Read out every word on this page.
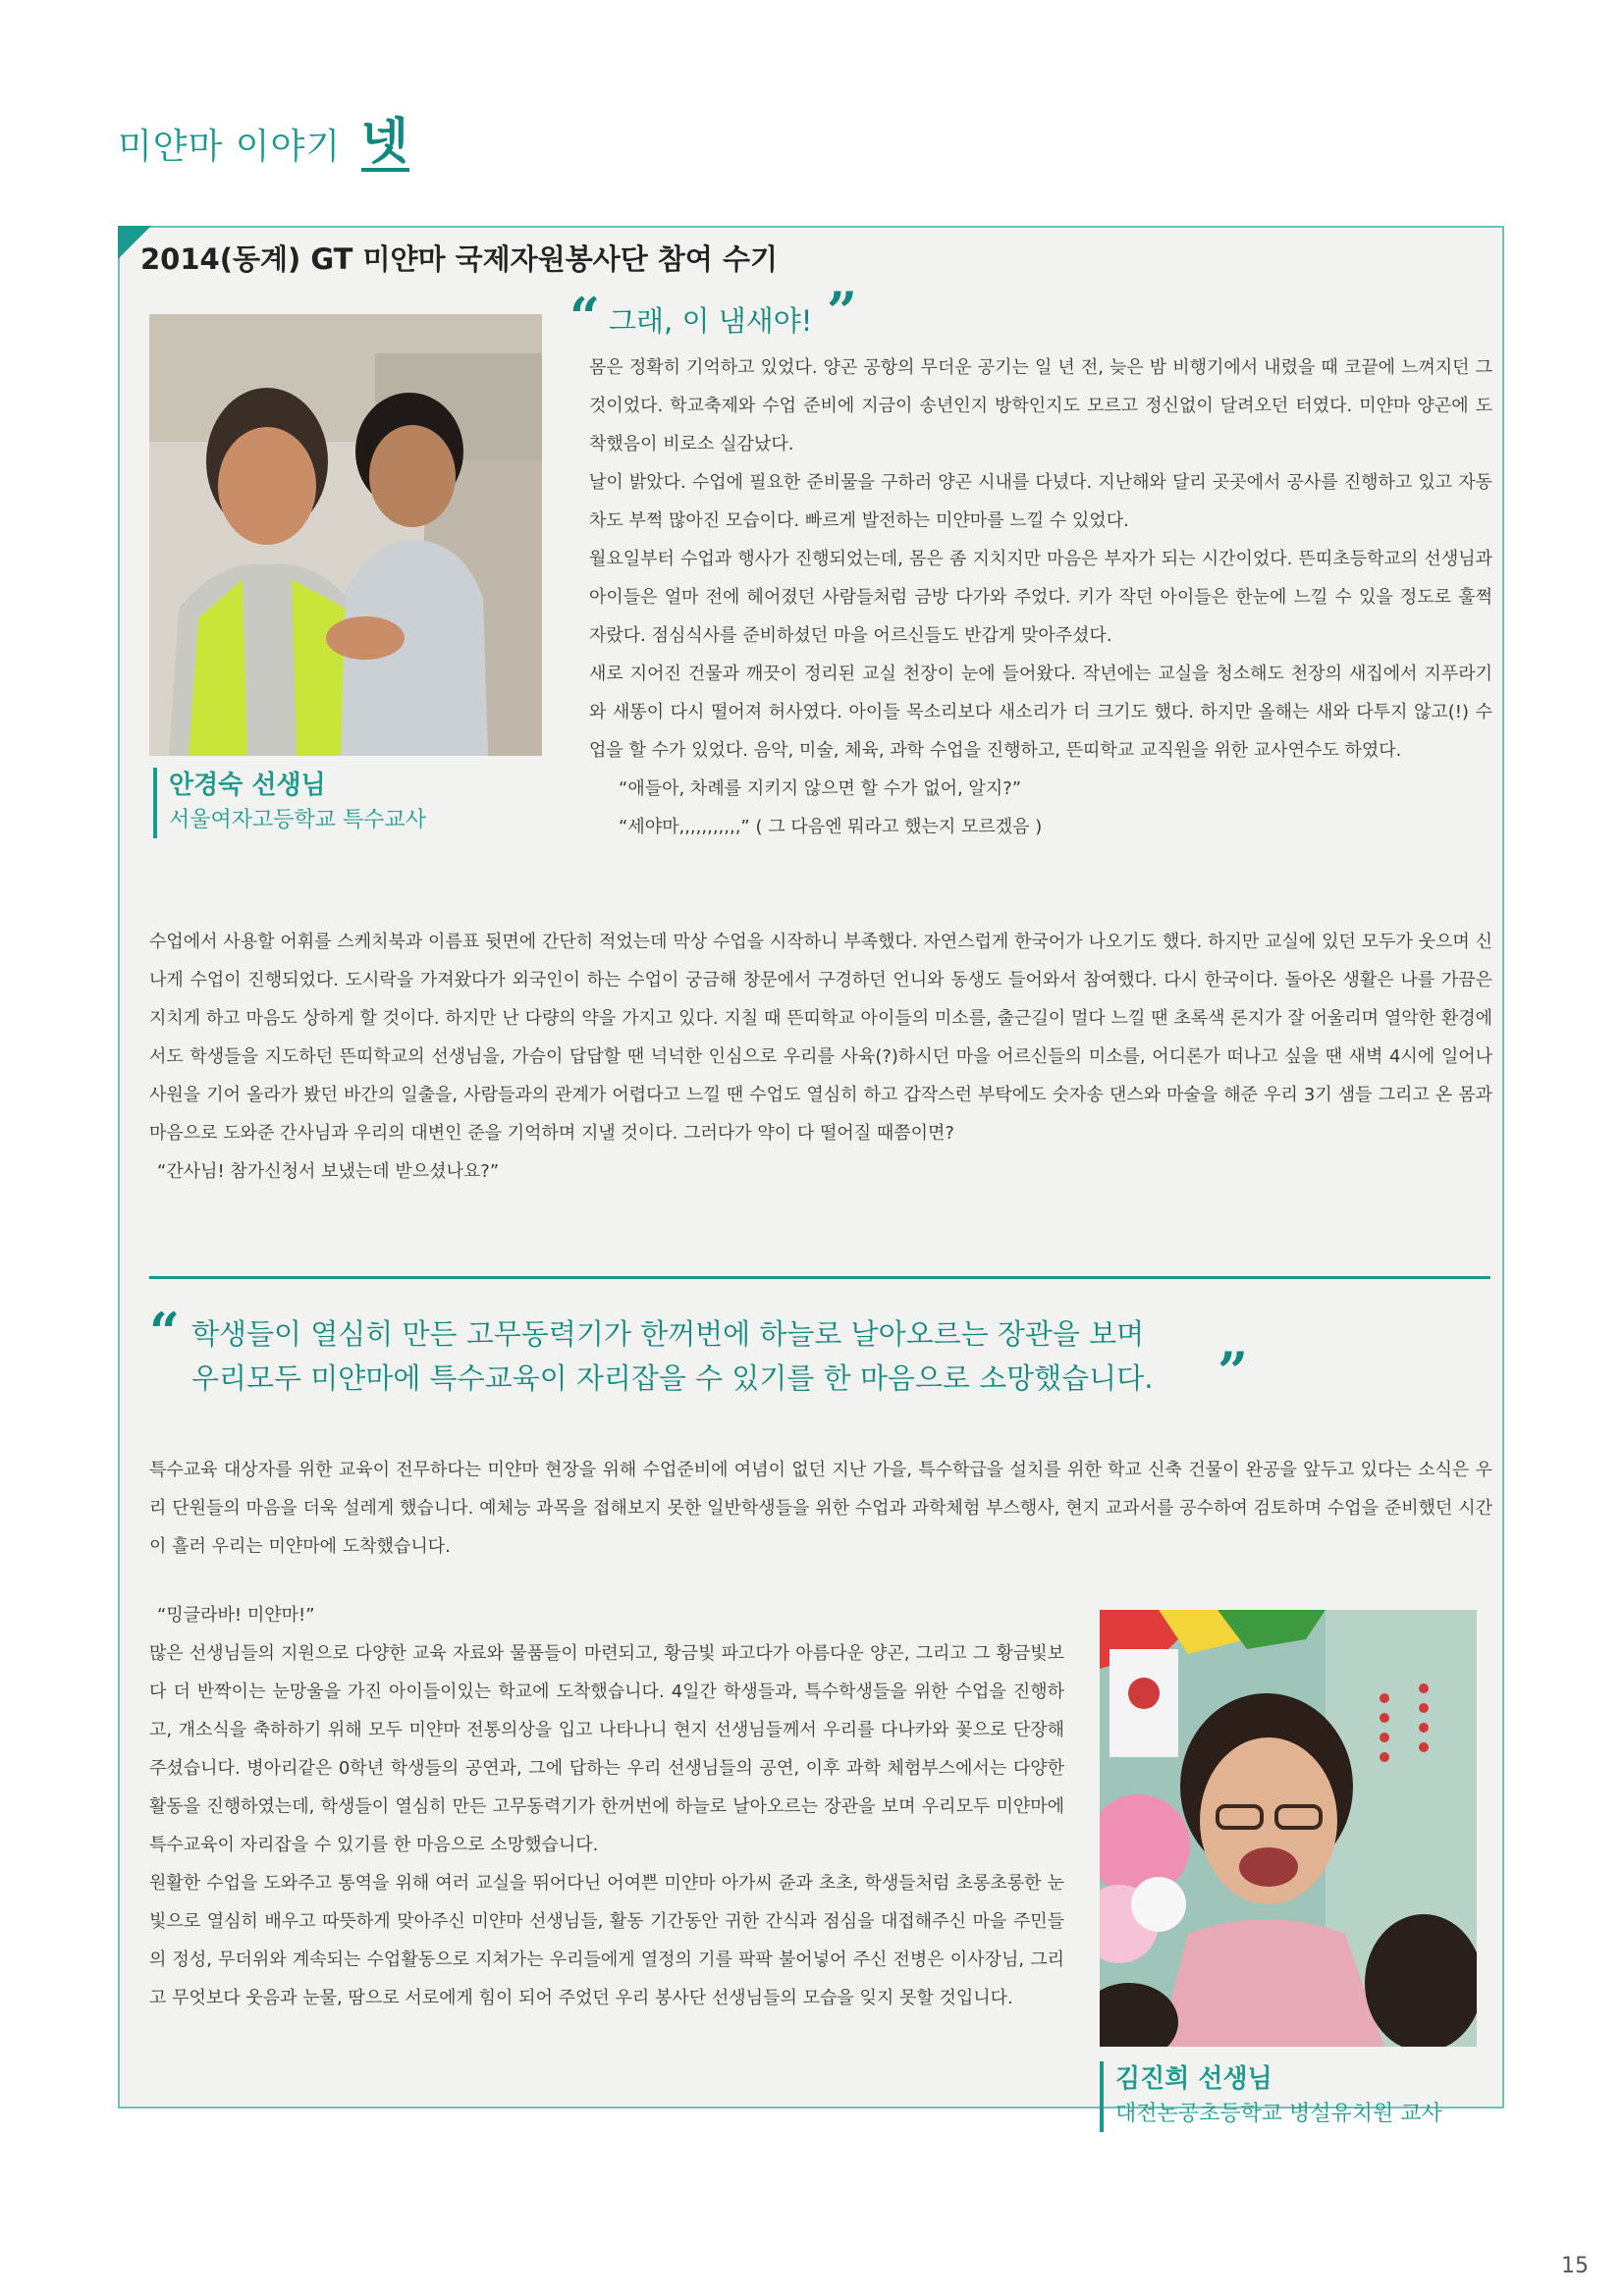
미얀마 이야기 넷
2014(동계) GT 미얀마 국제자원봉사단 참여 수기
안경숙 선생님
서울여자고등학교 특수교사
“ 그래, 이 냄새야! ”

몸은 정확히 기억하고 있었다. 양곤 공항의 무더운 공기는 일 년 전, 늦은 밤 비행기에서 내렸을 때 코끝에 느껴지던 그것이었다. 학교축제와 수업 준비에 지금이 송년인지 방학인지도 모르고 정신없이 달려오던 터였다. 미얀마 양곤에 도착했음이 비로소 실감났다.

날이 밝았다. 수업에 필요한 준비물을 구하러 양곤 시내를 다녔다. 지난해와 달리 곳곳에서 공사를 진행하고 있고 자동차도 부쩍 많아진 모습이다. 빠르게 발전하는 미얀마를 느낄 수 있었다.

월요일부터 수업과 행사가 진행되었는데, 몸은 좀 지치지만 마음은 부자가 되는 시간이었다. 뜬띠초등학교의 선생님과 아이들은 얼마 전에 헤어졌던 사람들처럼 금방 다가와 주었다. 키가 작던 아이들은 한눈에 느낄 수 있을 정도로 훌쩍 자랐다. 점심식사를 준비하셨던 마을 어르신들도 반갑게 맞아주셨다.

새로 지어진 건물과 깨끗이 정리된 교실 천장이 눈에 들어왔다. 작년에는 교실을 청소해도 천장의 새집에서 지푸라기와 새똥이 다시 떨어져 허사였다. 아이들 목소리보다 새소리가 더 크기도 했다. 하지만 올해는 새와 다투지 않고(!) 수업을 할 수가 있었다. 음악, 미술, 체육, 과학 수업을 진행하고, 뜬띠학교 교직원을 위한 교사연수도 하였다.

“애들아, 차례를 지키지 않으면 할 수가 없어, 알지?”

“세야마,,,,,,,,,,,” ( 그 다음엔 뭐라고 했는지 모르겠음 )

수업에서 사용할 어휘를 스케치북과 이름표 뒷면에 간단히 적었는데 막상 수업을 시작하니 부족했다. 자연스럽게 한국어가 나오기도 했다. 하지만 교실에 있던 모두가 웃으며 신나게 수업이 진행되었다. 도시락을 가져왔다가 외국인이 하는 수업이 궁금해 창문에서 구경하던 언니와 동생도 들어와서 참여했다. 다시 한국이다. 돌아온 생활은 나를 가끔은 지치게 하고 마음도 상하게 할 것이다. 하지만 난 다량의 약을 가지고 있다. 지칠 때 뜬띠학교 아이들의 미소를, 출근길이 멀다 느낄 땐 초록색 론지가 잘 어울리며 열악한 환경에서도 학생들을 지도하던 뜬띠학교의 선생님을, 가슴이 답답할 땐 넉넉한 인심으로 우리를 사육(?)하시던 마을 어르신들의 미소를, 어디론가 떠나고 싶을 땐 새벽 4시에 일어나 사원을 기어 올라가 봤던 바간의 일출을, 사람들과의 관계가 어렵다고 느낄 땐 수업도 열심히 하고 갑작스런 부탁에도 숫자송 댄스와 마술을 해준 우리 3기 샘들 그리고 온 몸과 마음으로 도와준 간사님과 우리의 대변인 준을 기억하며 지낼 것이다. 그러다가 약이 다 떨어질 때쯤이면?

“간사님! 참가신청서 보냈는데 받으셨나요?”

“ 학생들이 열심히 만든 고무동력기가 한꺼번에 하늘로 날아오르는 장관을 보며
우리모두 미얀마에 특수교육이 자리잡을 수 있기를 한 마음으로 소망했습니다. ”

특수교육 대상자를 위한 교육이 전무하다는 미얀마 현장을 위해 수업준비에 여념이 없던 지난 가을, 특수학급을 설치를 위한 학교 신축 건물이 완공을 앞두고 있다는 소식은 우리 단원들의 마음을 더욱 설레게 했습니다. 예체능 과목을 접해보지 못한 일반학생들을 위한 수업과 과학체험 부스행사, 현지 교과서를 공수하여 검토하며 수업을 준비했던 시간이 흘러 우리는 미얀마에 도착했습니다.

“밍글라바! 미얀마!”

많은 선생님들의 지원으로 다양한 교육 자료와 물품들이 마련되고, 황금빛 파고다가 아름다운 양곤, 그리고 그 황금빛보다 더 반짝이는 눈망울을 가진 아이들이있는 학교에 도착했습니다. 4일간 학생들과, 특수학생들을 위한 수업을 진행하고, 개소식을 축하하기 위해 모두 미얀마 전통의상을 입고 나타나니 현지 선생님들께서 우리를 다나카와 꽃으로 단장해주셨습니다. 병아리같은 0학년 학생들의 공연과, 그에 답하는 우리 선생님들의 공연, 이후 과학 체험부스에서는 다양한 활동을 진행하였는데, 학생들이 열심히 만든 고무동력기가 한꺼번에 하늘로 날아오르는 장관을 보며 우리모두 미얀마에 특수교육이 자리잡을 수 있기를 한 마음으로 소망했습니다.

원활한 수업을 도와주고 통역을 위해 여러 교실을 뛰어다닌 어여쁜 미얀마 아가씨 쥰과 초초, 학생들처럼 초롱초롱한 눈빛으로 열심히 배우고 따뜻하게 맞아주신 미얀마 선생님들, 활동 기간동안 귀한 간식과 점심을 대접해주신 마을 주민들의 정성, 무더위와 계속되는 수업활동으로 지쳐가는 우리들에게 열정의 기를 팍팍 불어넣어 주신 전병은 이사장님, 그리고 무엇보다 웃음과 눈물, 땀으로 서로에게 힘이 되어 주었던 우리 봉사단 선생님들의 모습을 잊지 못할 것입니다.

김진희 선생님
대전논공초등학교 병설유치원 교사
15
